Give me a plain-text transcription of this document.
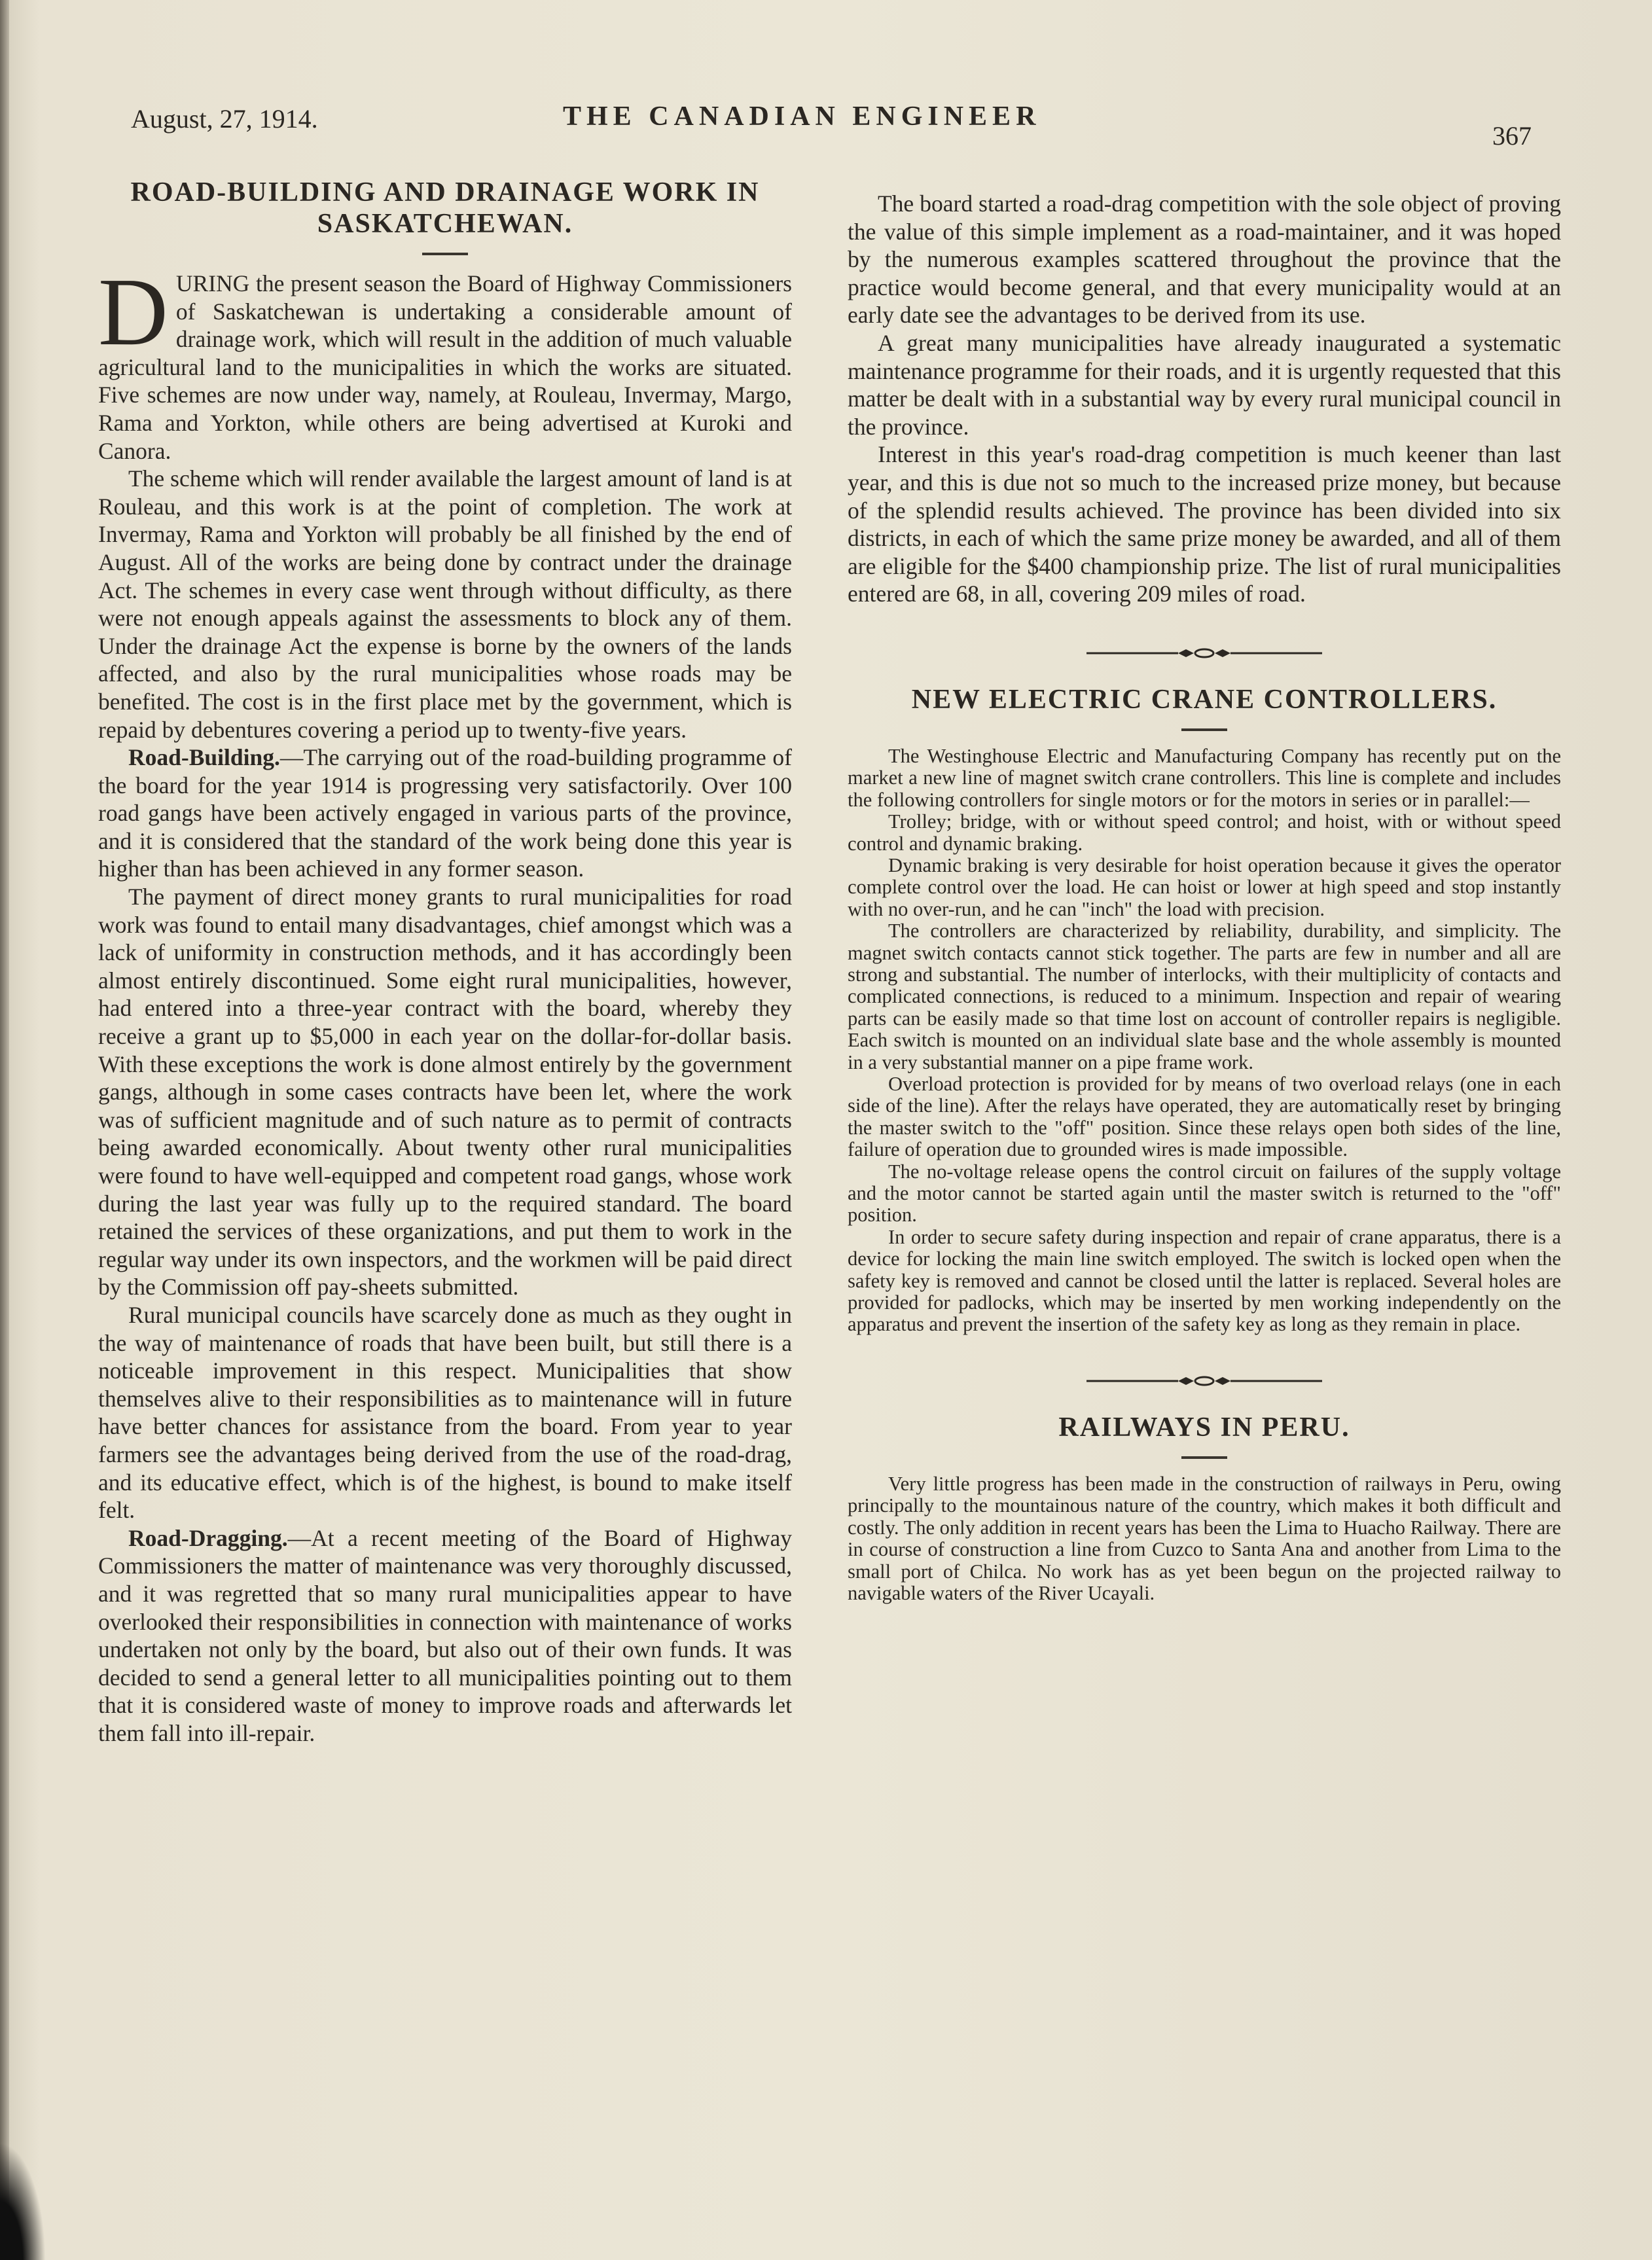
August, 27, 1914.	THE CANADIAN ENGINEER
367
ROAD-BUILDING AND DRAINAGE WORK IN SASKATCHEWAN.

DURING the present season the Board of Highway Commissioners of Saskatchewan is undertaking a considerable amount of drainage work, which will result in the addition of much valuable agricultural land to the municipalities in which the works are situated. Five schemes are now under way, namely, at Rouleau, Invermay, Margo, Rama and Yorkton, while others are being advertised at Kuroki and Canora.

The scheme which will render available the largest amount of land is at Rouleau, and this work is at the point of completion. The work at Invermay, Rama and Yorkton will probably be all finished by the end of August. All of the works are being done by contract under the drainage Act. The schemes in every case went through without difficulty, as there were not enough appeals against the assessments to block any of them. Under the drainage Act the expense is borne by the owners of the lands affected, and also by the rural municipalities whose roads may be benefited. The cost is in the first place met by the government, which is repaid by debentures covering a period up to twenty-five years.

Road-Building.—The carrying out of the road-building programme of the board for the year 1914 is progressing very satisfactorily. Over 100 road gangs have been actively engaged in various parts of the province, and it is considered that the standard of the work being done this year is higher than has been achieved in any former season.

The payment of direct money grants to rural municipalities for road work was found to entail many disadvantages, chief amongst which was a lack of uniformity in construction methods, and it has accordingly been almost entirely discontinued. Some eight rural municipalities, however, had entered into a three-year contract with the board, whereby they receive a grant up to $5,000 in each year on the dollar-for-dollar basis. With these exceptions the work is done almost entirely by the government gangs, although in some cases contracts have been let, where the work was of sufficient magnitude and of such nature as to permit of contracts being awarded economically. About twenty other rural municipalities were found to have well-equipped and competent road gangs, whose work during the last year was fully up to the required standard. The board retained the services of these organizations, and put them to work in the regular way under its own inspectors, and the workmen will be paid direct by the Commission off pay-sheets submitted.

Rural municipal councils have scarcely done as much as they ought in the way of maintenance of roads that have been built, but still there is a noticeable improvement in this respect. Municipalities that show themselves alive to their responsibilities as to maintenance will in future have better chances for assistance from the board. From year to year farmers see the advantages being derived from the use of the road-drag, and its educative effect, which is of the highest, is bound to make itself felt.

Road-Dragging.—At a recent meeting of the Board of Highway Commissioners the matter of maintenance was very thoroughly discussed, and it was regretted that so many rural municipalities appear to have overlooked their responsibilities in connection with maintenance of works undertaken not only by the board, but also out of their own funds. It was decided to send a general letter to all municipalities pointing out to them that it is considered waste of money to improve roads and afterwards let them fall into ill-repair.

The board started a road-drag competition with the sole object of proving the value of this simple implement as a road-maintainer, and it was hoped by the numerous examples scattered throughout the province that the practice would become general, and that every municipality would at an early date see the advantages to be derived from its use.

A great many municipalities have already inaugurated a systematic maintenance programme for their roads, and it is urgently requested that this matter be dealt with in a substantial way by every rural municipal council in the province.

Interest in this year's road-drag competition is much keener than last year, and this is due not so much to the increased prize money, but because of the splendid results achieved. The province has been divided into six districts, in each of which the same prize money be awarded, and all of them are eligible for the $400 championship prize. The list of rural municipalities entered are 68, in all, covering 209 miles of road.

NEW ELECTRIC CRANE CONTROLLERS.

The Westinghouse Electric and Manufacturing Company has recently put on the market a new line of magnet switch crane controllers. This line is complete and includes the following controllers for single motors or for the motors in series or in parallel:—

Trolley; bridge, with or without speed control; and hoist, with or without speed control and dynamic braking.

Dynamic braking is very desirable for hoist operation because it gives the operator complete control over the load. He can hoist or lower at high speed and stop instantly with no over-run, and he can "inch" the load with precision.

The controllers are characterized by reliability, durability, and simplicity. The magnet switch contacts cannot stick together. The parts are few in number and all are strong and substantial. The number of interlocks, with their multiplicity of contacts and complicated connections, is reduced to a minimum. Inspection and repair of wearing parts can be easily made so that time lost on account of controller repairs is negligible. Each switch is mounted on an individual slate base and the whole assembly is mounted in a very substantial manner on a pipe frame work.

Overload protection is provided for by means of two overload relays (one in each side of the line). After the relays have operated, they are automatically reset by bringing the master switch to the "off" position. Since these relays open both sides of the line, failure of operation due to grounded wires is made impossible.

The no-voltage release opens the control circuit on failures of the supply voltage and the motor cannot be started again until the master switch is returned to the "off" position.

In order to secure safety during inspection and repair of crane apparatus, there is a device for locking the main line switch employed. The switch is locked open when the safety key is removed and cannot be closed until the latter is replaced. Several holes are provided for padlocks, which may be inserted by men working independently on the apparatus and prevent the insertion of the safety key as long as they remain in place.

RAILWAYS IN PERU.

Very little progress has been made in the construction of railways in Peru, owing principally to the mountainous nature of the country, which makes it both difficult and costly. The only addition in recent years has been the Lima to Huacho Railway. There are in course of construction a line from Cuzco to Santa Ana and another from Lima to the small port of Chilca. No work has as yet been begun on the projected railway to navigable waters of the River Ucayali.
